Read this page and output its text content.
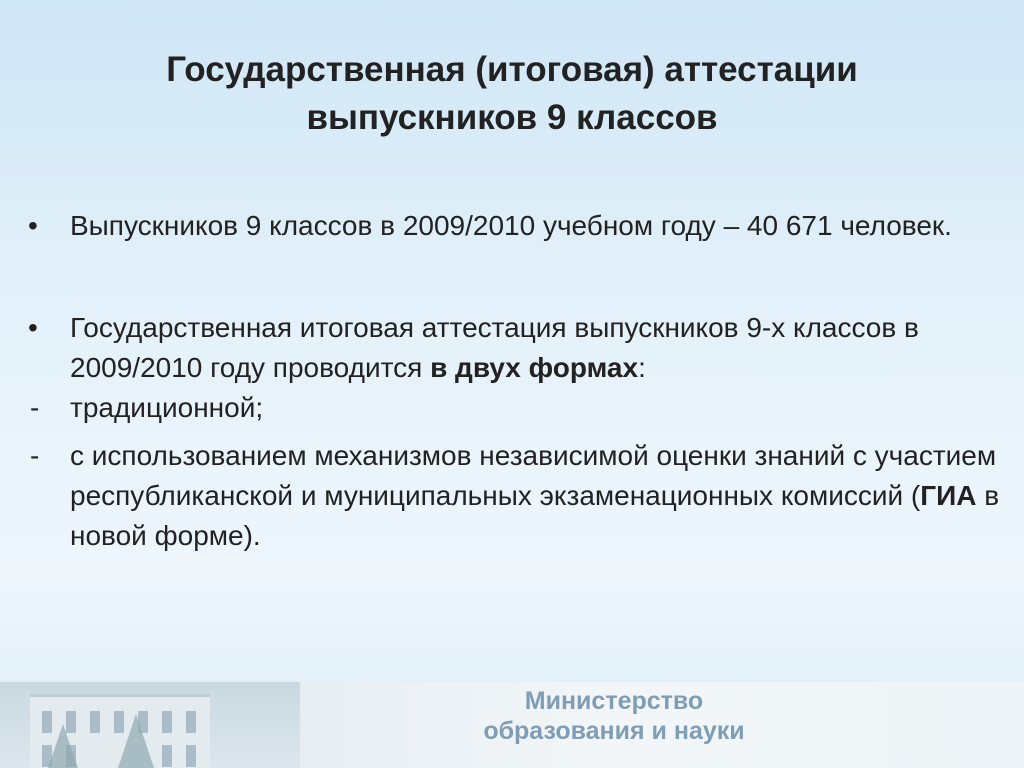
Государственная (итоговая) аттестации
выпускников 9 классов
•	Выпускников 9 классов в 2009/2010 учебном году – 40 671 человек.
•	Государственная итоговая аттестация выпускников 9-х классов в 2009/2010 году проводится в двух формах:
-	традиционной;
-	с использованием механизмов независимой оценки знаний с участием республиканской и муниципальных экзаменационных комиссий (ГИА в новой форме).
Министерство
образования и науки
